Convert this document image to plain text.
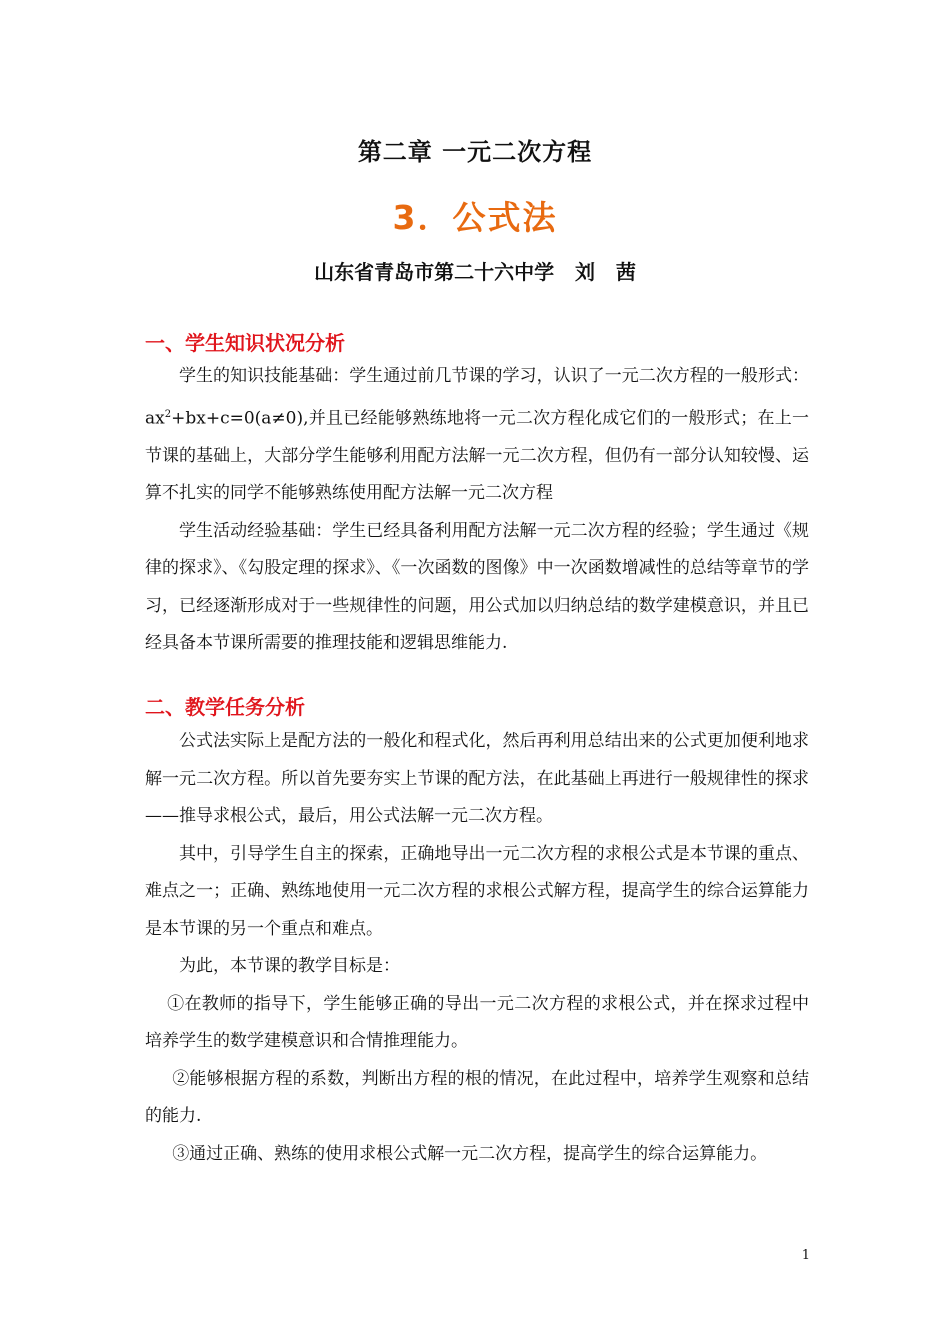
第二章 一元二次方程
3．公式法
山东省青岛市第二十六中学   刘   茜
一、学生知识状况分析

学生的知识技能基础：学生通过前几节课的学习，认识了一元二次方程的一般形式：$ax^2+bx+c=0(a\ne 0)$,并且已经能够熟练地将一元二次方程化成它们的一般形式；在上一节课的基础上，大部分学生能够利用配方法解一元二次方程，但仍有一部分认知较慢、运算不扎实的同学不能够熟练使用配方法解一元二次方程

学生活动经验基础：学生已经具备利用配方法解一元二次方程的经验；学生通过《规律的探求》、《勾股定理的探求》、《一次函数的图像》中一次函数增减性的总结等章节的学习，已经逐渐形成对于一些规律性的问题，用公式加以归纳总结的数学建模意识，并且已经具备本节课所需要的推理技能和逻辑思维能力.

二、教学任务分析

公式法实际上是配方法的一般化和程式化，然后再利用总结出来的公式更加便利地求解一元二次方程。所以首先要夯实上节课的配方法，在此基础上再进行一般规律性的探求——推导求根公式，最后，用公式法解一元二次方程。

其中，引导学生自主的探索，正确地导出一元二次方程的求根公式是本节课的重点、难点之一；正确、熟练地使用一元二次方程的求根公式解方程，提高学生的综合运算能力是本节课的另一个重点和难点。

为此，本节课的教学目标是：

①在教师的指导下，学生能够正确的导出一元二次方程的求根公式，并在探求过程中培养学生的数学建模意识和合情推理能力。

②能够根据方程的系数，判断出方程的根的情况，在此过程中，培养学生观察和总结的能力.

③通过正确、熟练的使用求根公式解一元二次方程，提高学生的综合运算能力。

1
